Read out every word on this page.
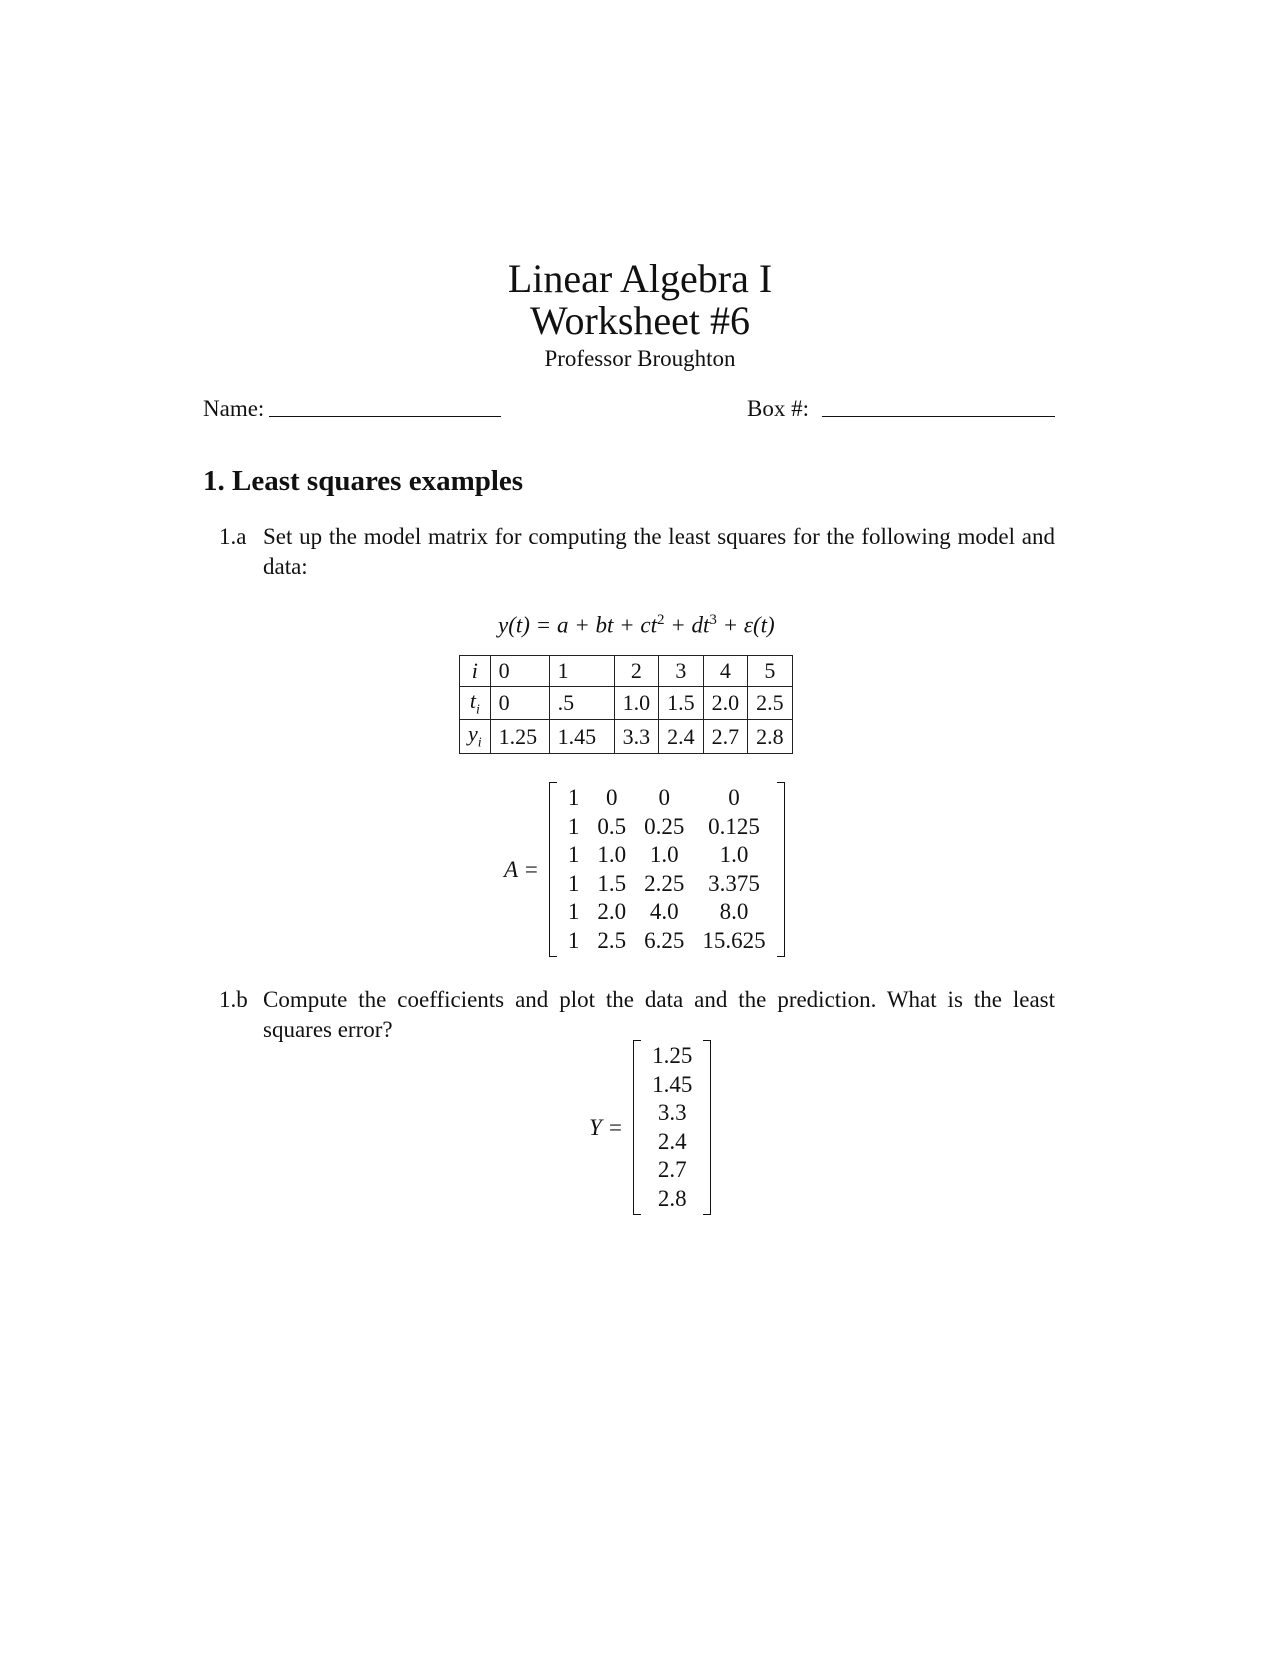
Linear Algebra I
Worksheet #6
Professor Broughton
Name:	Box #:
1. Least squares examples
1.a Set up the model matrix for computing the least squares for the following model and data:
y(t) = a + bt + $ct^2 + dt^3 + \varepsilon(t)$
i	0	1	2	3	4	5
$t_i$	0	.5	1.0	1.5	2.0	2.5
$y_i$	1.25	1.45	3.3	2.4	2.7	2.8
A =
1	0	0	0
1	0.5	0.25	0.125
1	1.0	1.0	1.0
1	1.5	2.25	3.375
1	2.0	4.0	8.0
1	2.5	6.25	15.625
1.b Compute the coefficients and plot the data and the prediction. What is the least squares error?
Y =
1.25
1.45
3.3
2.4
2.7
2.8
